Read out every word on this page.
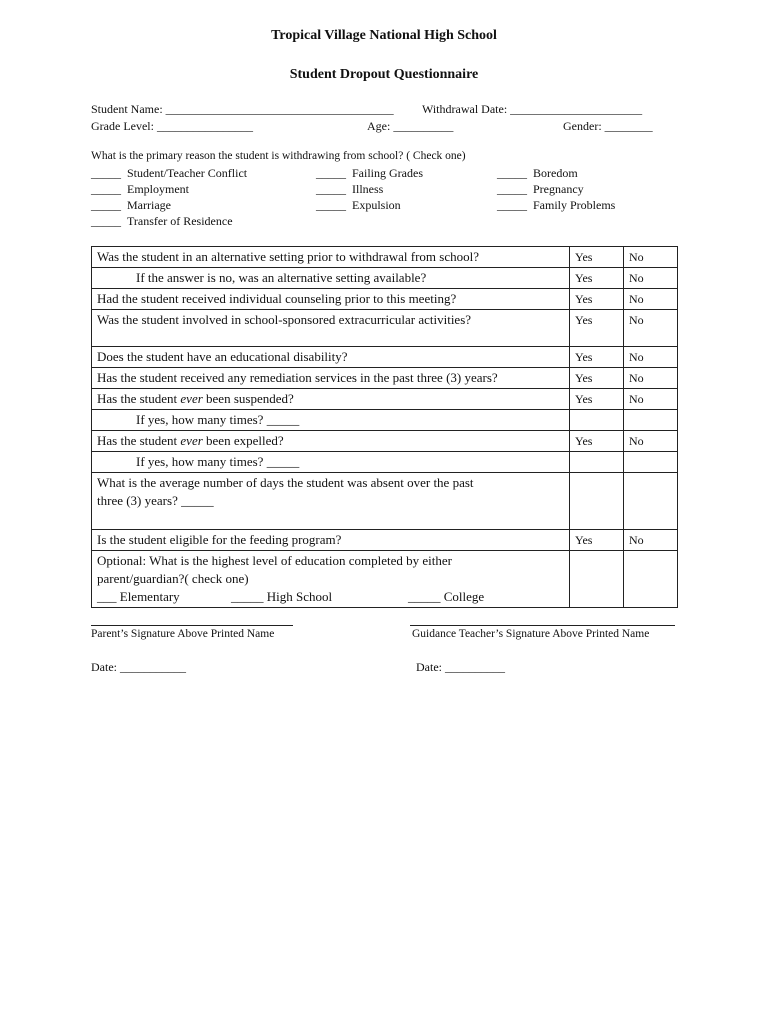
Tropical Village National High School
Student Dropout Questionnaire
Student Name: ______________________________________ Withdrawal Date: ______________________
Grade Level: ________________	Age: __________	Gender: ________
What is the primary reason the student is withdrawing from school? ( Check one)
_____ Student/Teacher Conflict	_____ Failing Grades	_____ Boredom
_____ Employment	_____ Illness	_____ Pregnancy
_____ Marriage	_____ Expulsion	_____ Family Problems
_____ Transfer of Residence
Was the student in an alternative setting prior to withdrawal from school?	Yes	No
If the answer is no, was an alternative setting available?	Yes	No
Had the student received individual counseling prior to this meeting?	Yes	No
Was the student involved in school-sponsored extracurricular activities?	Yes	No
Does the student have an educational disability?	Yes	No
Has the student received any remediation services in the past three (3) years?	Yes	No
Has the student ever been suspended?	Yes	No
If yes, how many times? _____		
Has the student ever been expelled?	Yes	No
If yes, how many times? _____		
What is the average number of days the student was absent over the past
three (3) years? _____		
Is the student eligible for the feeding program?	Yes	No
Optional: What is the highest level of education completed by either
parent/guardian?( check one)
___ Elementary _____ High School _____ College		
Parent’s Signature Above Printed Name	Guidance Teacher’s Signature Above Printed Name
Date: ___________	Date: __________
